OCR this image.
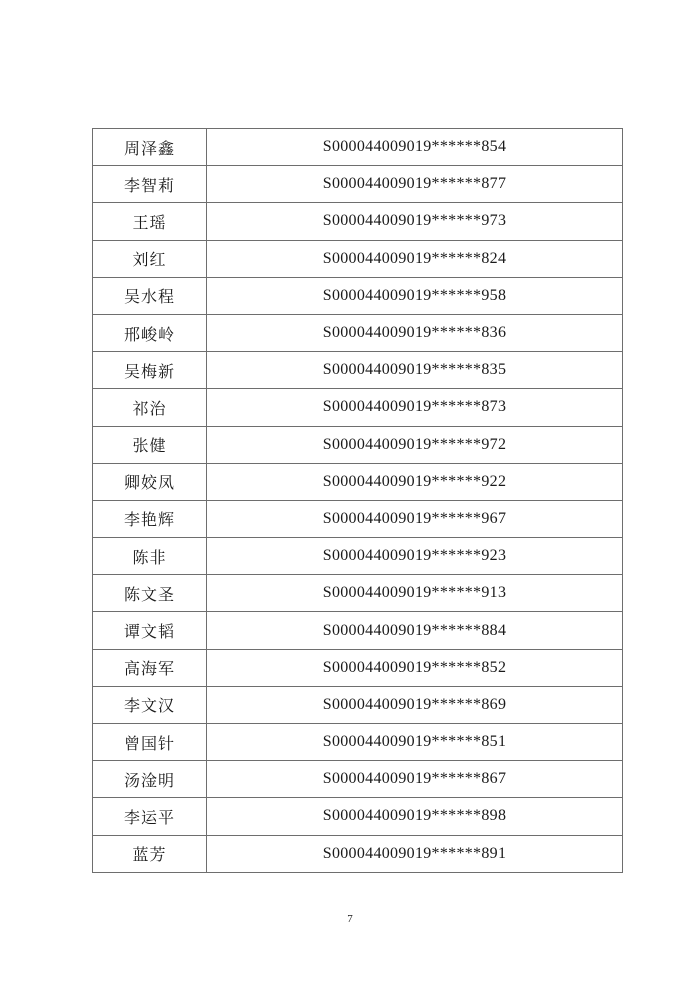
周泽鑫	S000044009019******854
李智莉	S000044009019******877
王瑶	S000044009019******973
刘红	S000044009019******824
吴水程	S000044009019******958
邢峻岭	S000044009019******836
吴梅新	S000044009019******835
祁治	S000044009019******873
张健	S000044009019******972
卿姣凤	S000044009019******922
李艳辉	S000044009019******967
陈非	S000044009019******923
陈文圣	S000044009019******913
谭文韬	S000044009019******884
高海军	S000044009019******852
李文汉	S000044009019******869
曾国针	S000044009019******851
汤淦明	S000044009019******867
李运平	S000044009019******898
蓝芳	S000044009019******891
7
